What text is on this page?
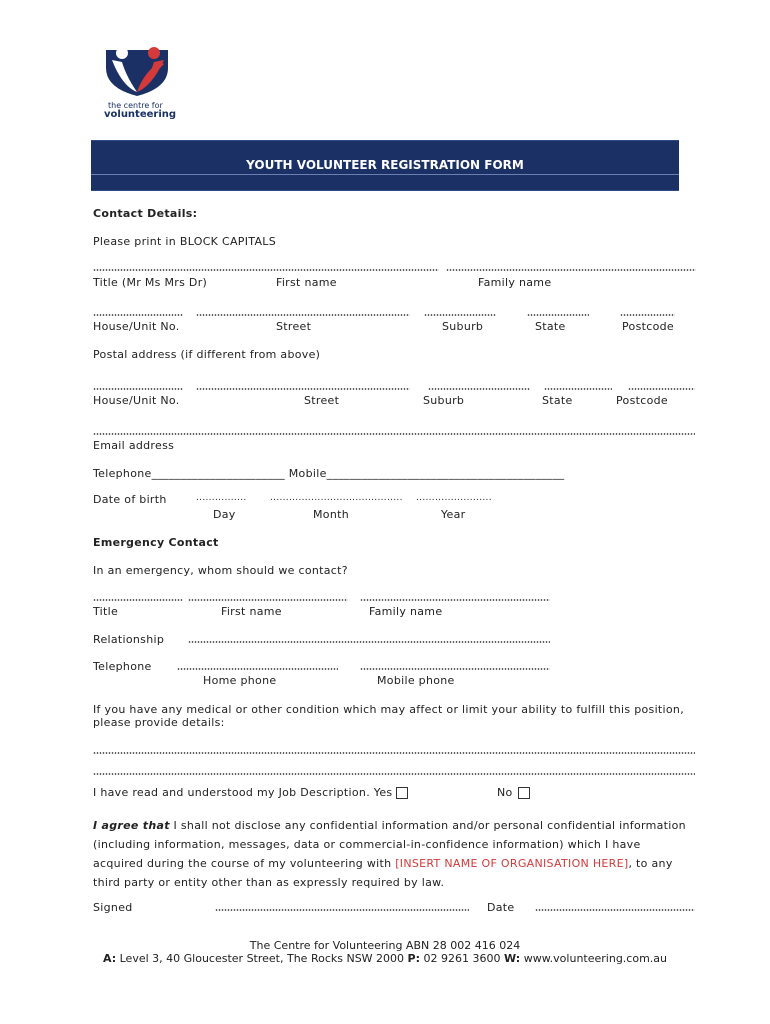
the centre for
volunteering
YOUTH VOLUNTEER REGISTRATION FORM
Contact Details:
Please print in BLOCK CAPITALS
Title (Mr Ms Mrs Dr)	First name	Family name
House/Unit No.	Street	Suburb	State	Postcode
Postal address (if different from above)
House/Unit No.	Street	Suburb	State	Postcode
Email address
Telephone_______________________ Mobile_________________________________________
Date of birth	................	.......................................... ........................
Day	Month	Year
Emergency Contact
In an emergency, whom should we contact?
Title	First name	Family name
Relationship
Telephone
Home phone	Mobile phone
If you have any medical or other condition which may affect or limit your ability to fulfill this position,
please provide details:
I have read and understood my Job Description. Yes	No
I agree that I shall not disclose any confidential information and/or personal confidential information
(including information, messages, data or commercial-in-confidence information) which I have
acquired during the course of my volunteering with [INSERT NAME OF ORGANISATION HERE], to any
third party or entity other than as expressly required by law.
Signed	Date
The Centre for Volunteering ABN 28 002 416 024
A: Level 3, 40 Gloucester Street, The Rocks NSW 2000 P: 02 9261 3600 W: www.volunteering.com.au
